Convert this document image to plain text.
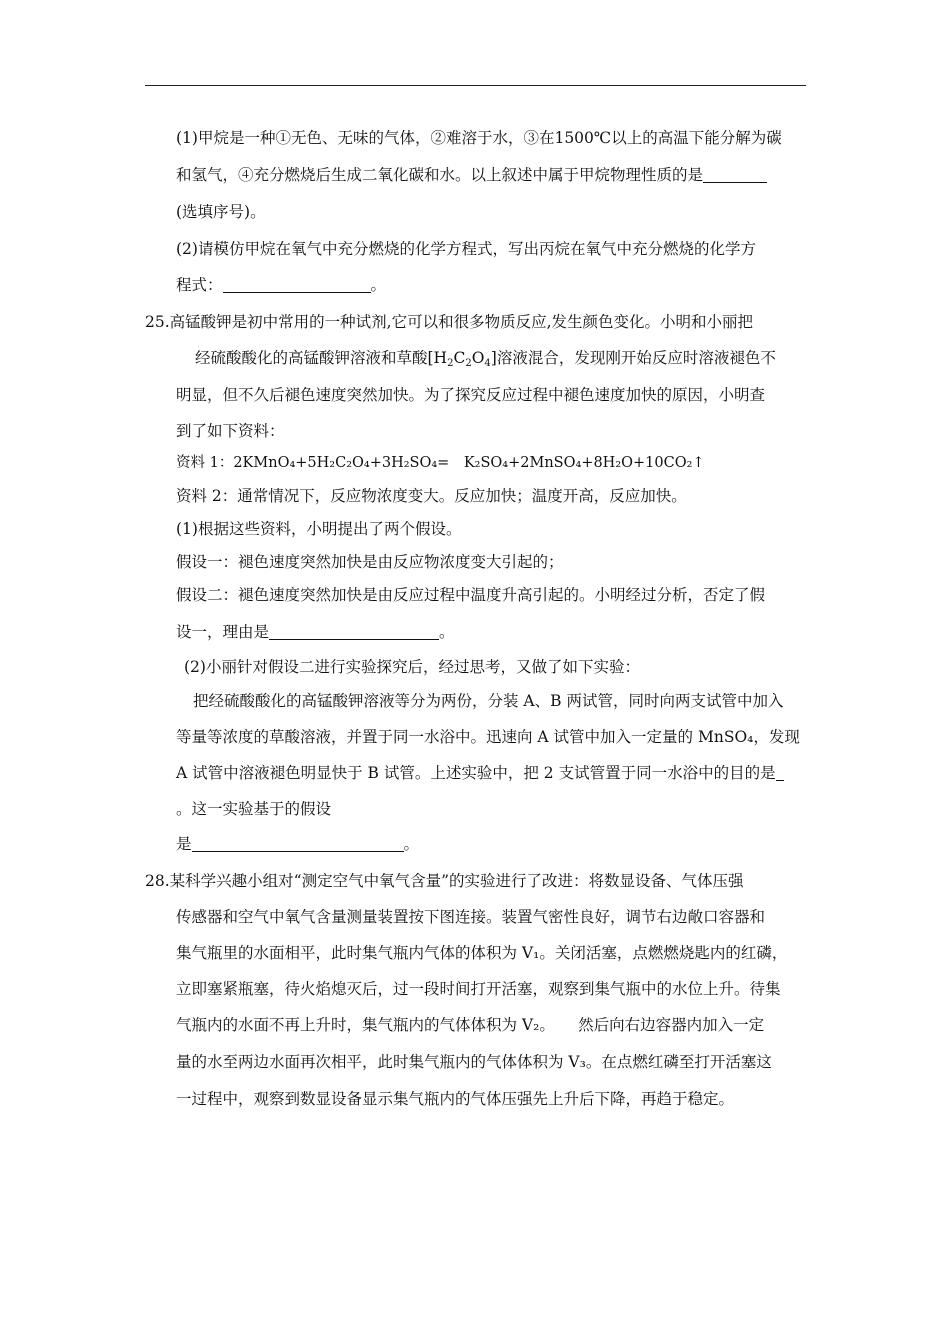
(1)甲烷是一种①无色、无味的气体，②难溶于水，③在1500℃以上的高温下能分解为碳
和氢气，④充分燃烧后生成二氧化碳和水。以上叙述中属于甲烷物理性质的是
(选填序号)。
(2)请模仿甲烷在氧气中充分燃烧的化学方程式，写出丙烷在氧气中充分燃烧的化学方
程式：	。
25.高锰酸钾是初中常用的一种试剂,它可以和很多物质反应,发生颜色变化。小明和小丽把
经硫酸酸化的高锰酸钾溶液和草酸$[H_2C_2O_4]$溶液混合，发现刚开始反应时溶液褪色不
明显，但不久后褪色速度突然加快。为了探究反应过程中褪色速度加快的原因，小明查
到了如下资料：
资料 1：2KMnO₄+5H₂C₂O₄+3H₂SO₄=　K₂SO₄+2MnSO₄+8H₂O+10CO₂↑
资料 2：通常情况下，反应物浓度变大。反应加快；温度开高，反应加快。
(1)根据这些资料，小明提出了两个假设。
假设一：褪色速度突然加快是由反应物浓度变大引起的；
假设二：褪色速度突然加快是由反应过程中温度升高引起的。小明经过分析，否定了假
设一，理由是	。
(2)小丽针对假设二进行实验探究后，经过思考，又做了如下实验：
把经硫酸酸化的高锰酸钾溶液等分为两份，分装 A、B 两试管，同时向两支试管中加入
等量等浓度的草酸溶液，并置于同一水浴中。迅速向 A 试管中加入一定量的 MnSO₄，发现
A 试管中溶液褪色明显快于 B 试管。上述实验中，把 2 支试管置于同一水浴中的目的是
。这一实验基于的假设
是	。
28.某科学兴趣小组对“测定空气中氧气含量”的实验进行了改进：将数显设备、气体压强
传感器和空气中氧气含量测量装置按下图连接。装置气密性良好，调节右边敞口容器和
集气瓶里的水面相平，此时集气瓶内气体的体积为 V₁。关闭活塞，点燃燃烧匙内的红磷，
立即塞紧瓶塞，待火焰熄灭后，过一段时间打开活塞，观察到集气瓶中的水位上升。待集
气瓶内的水面不再上升时，集气瓶内的气体体积为 V₂。　　然后向右边容器内加入一定
量的水至两边水面再次相平，此时集气瓶内的气体体积为 V₃。在点燃红磷至打开活塞这
一过程中，观察到数显设备显示集气瓶内的气体压强先上升后下降，再趋于稳定。
